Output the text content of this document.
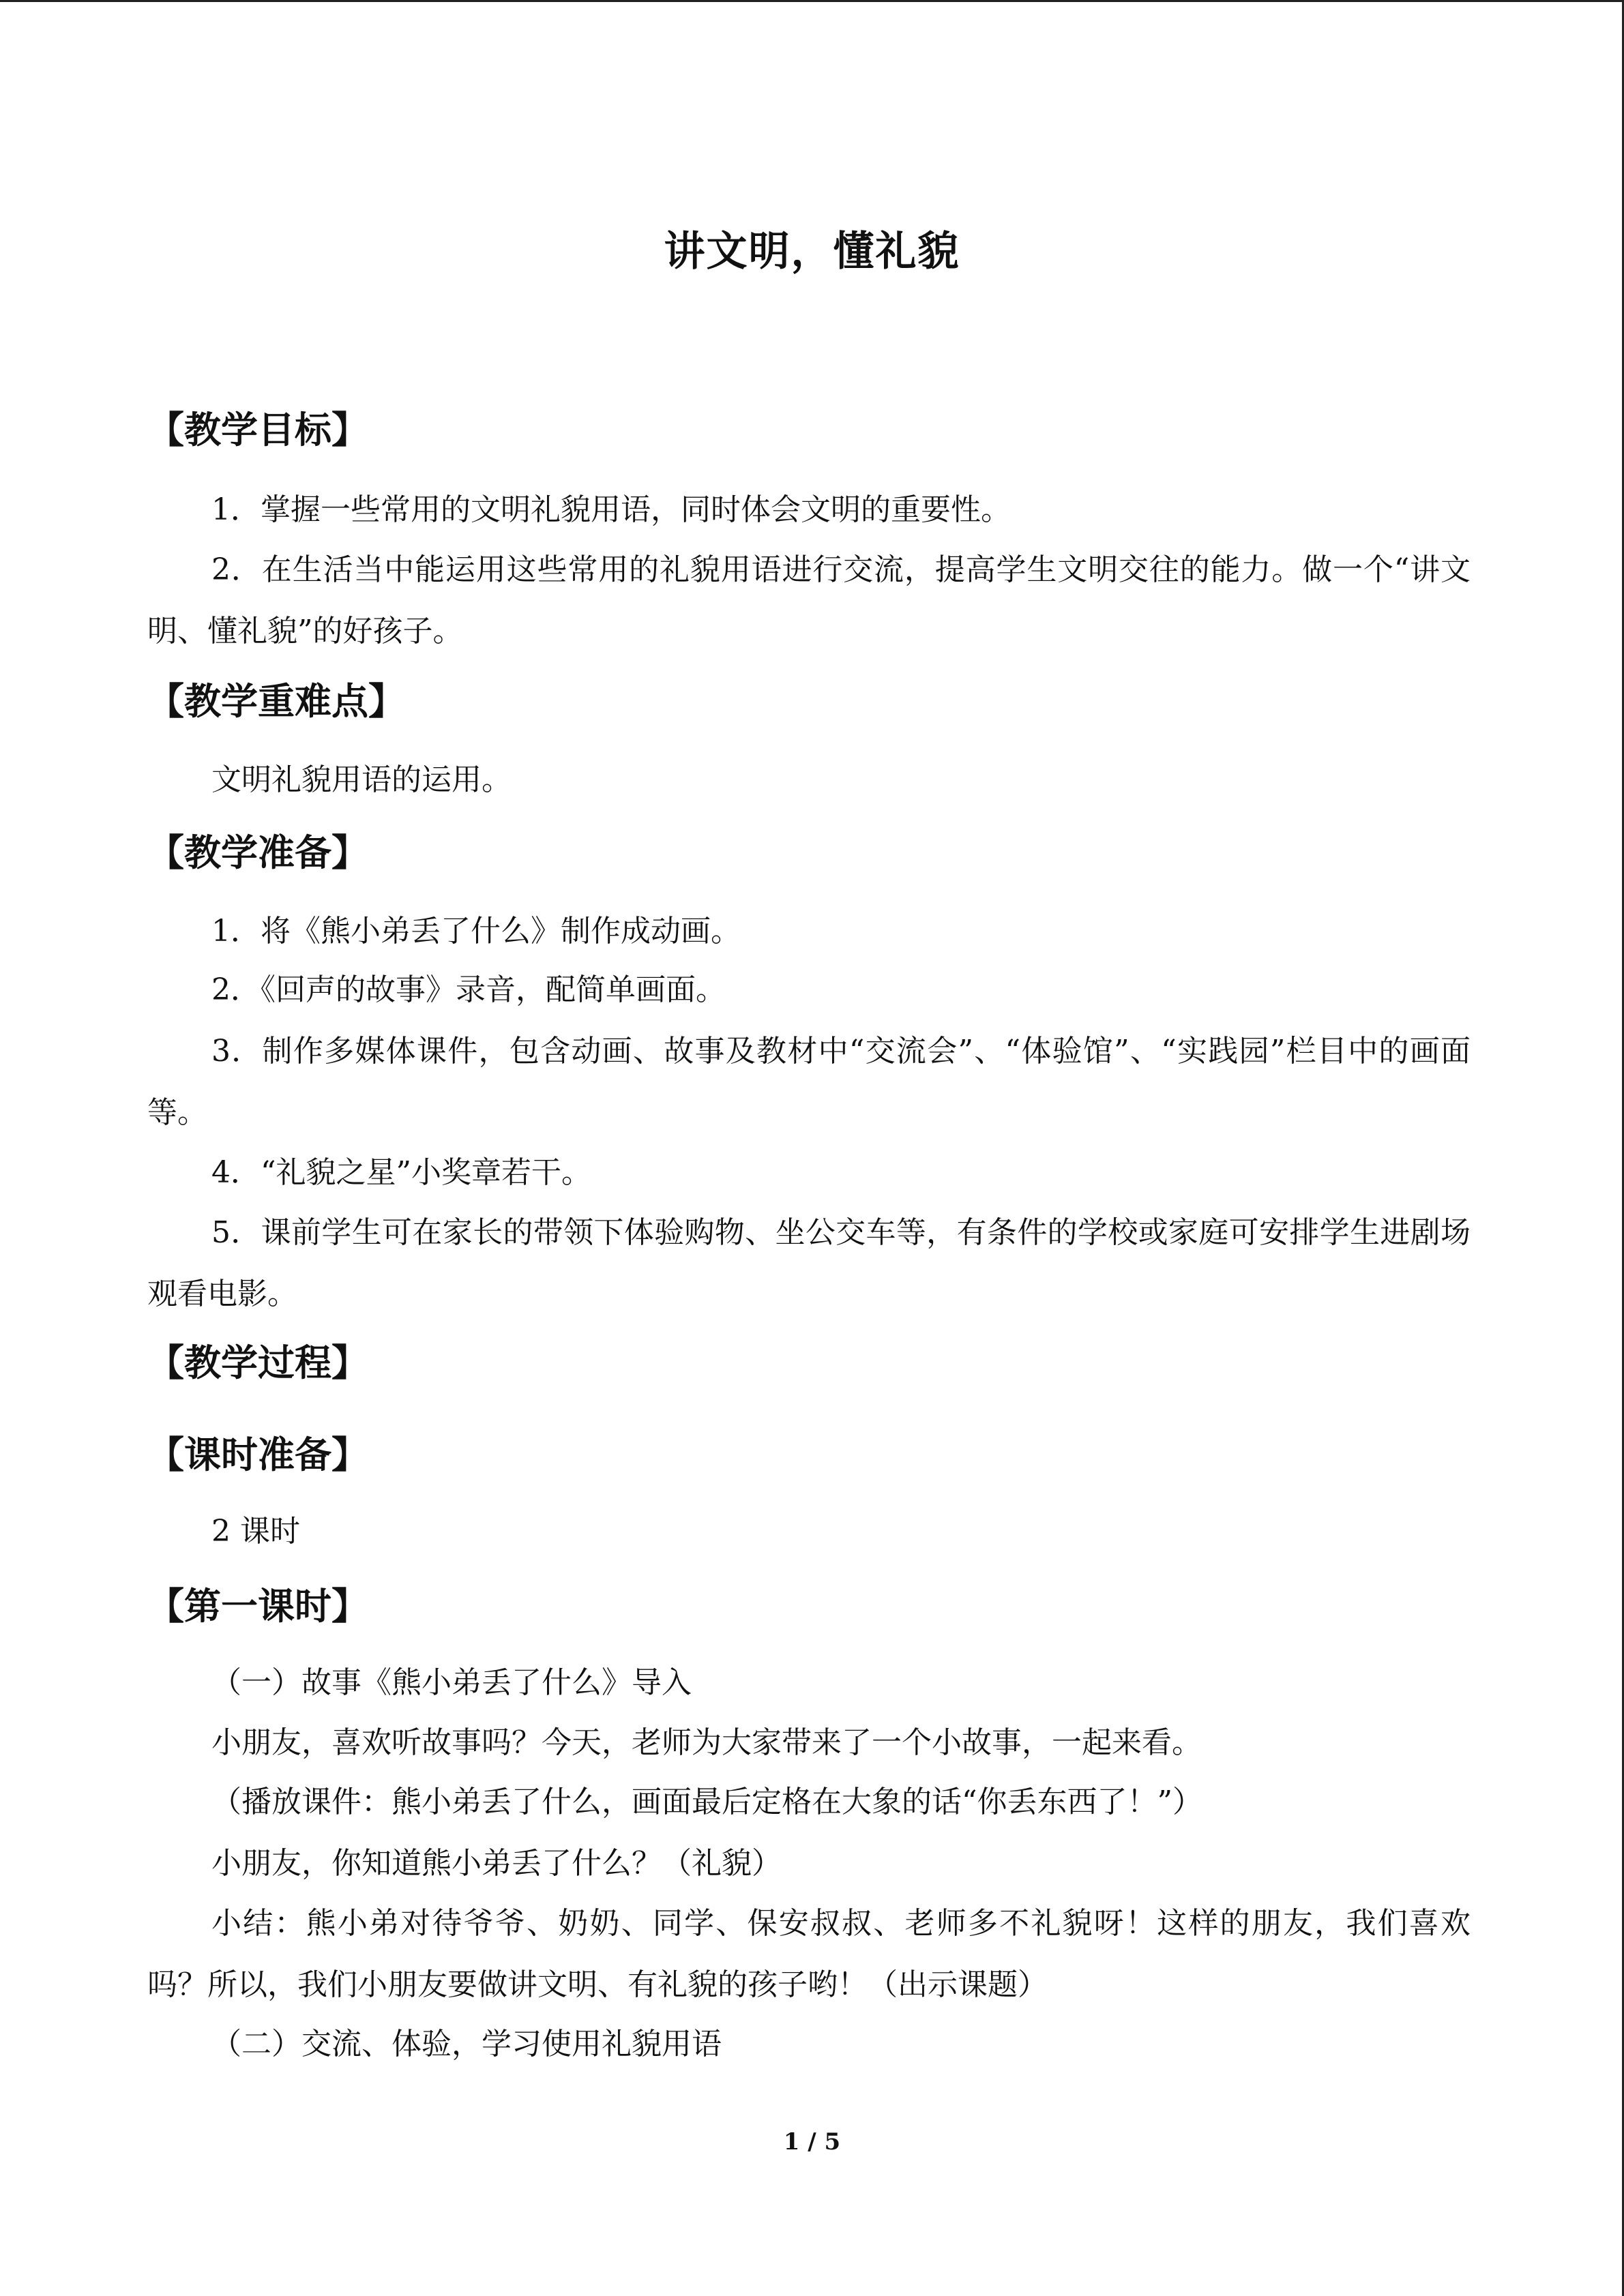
讲文明，懂礼貌
【教学目标】

1．掌握一些常用的文明礼貌用语，同时体会文明的重要性。

2．在生活当中能运用这些常用的礼貌用语进行交流，提高学生文明交往的能力。做一个“讲文明、懂礼貌”的好孩子。

【教学重难点】

文明礼貌用语的运用。

【教学准备】

1．将《熊小弟丢了什么》制作成动画。

2．《回声的故事》录音，配简单画面。

3．制作多媒体课件，包含动画、故事及教材中“交流会”、“体验馆”、“实践园”栏目中的画面等。

4．“礼貌之星”小奖章若干。

5．课前学生可在家长的带领下体验购物、坐公交车等，有条件的学校或家庭可安排学生进剧场观看电影。

【教学过程】
【课时准备】

2 课时

【第一课时】

（一）故事《熊小弟丢了什么》导入

小朋友，喜欢听故事吗？今天，老师为大家带来了一个小故事，一起来看。

（播放课件：熊小弟丢了什么，画面最后定格在大象的话“你丢东西了！”）

小朋友，你知道熊小弟丢了什么？（礼貌）

小结：熊小弟对待爷爷、奶奶、同学、保安叔叔、老师多不礼貌呀！这样的朋友，我们喜欢吗？所以，我们小朋友要做讲文明、有礼貌的孩子哟！（出示课题）

（二）交流、体验，学习使用礼貌用语

1 / 5
